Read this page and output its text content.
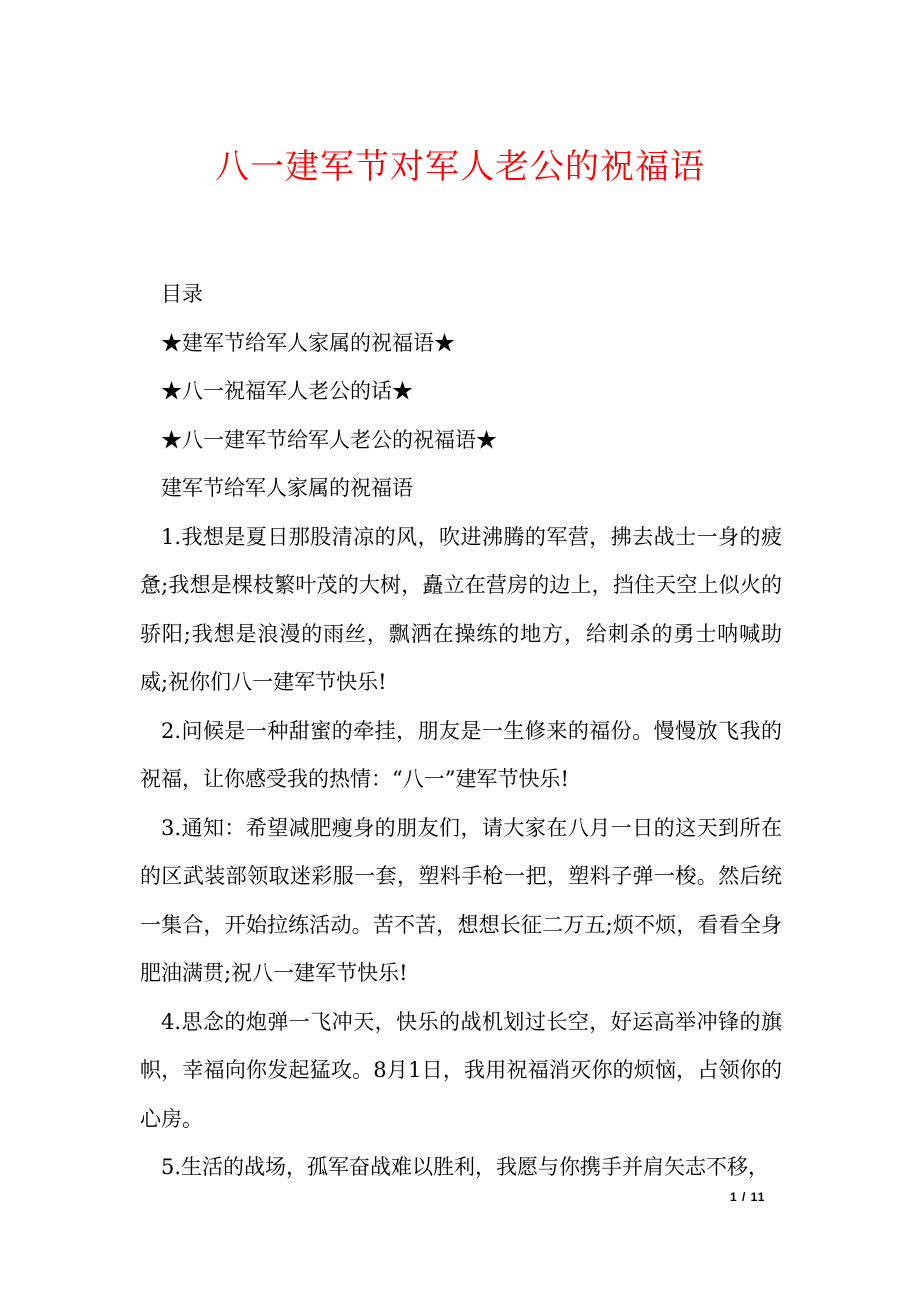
八一建军节对军人老公的祝福语

目录

★建军节给军人家属的祝福语★

★八一祝福军人老公的话★

★八一建军节给军人老公的祝福语★

建军节给军人家属的祝福语

1.我想是夏日那股清凉的风，吹进沸腾的军营，拂去战士一身的疲惫;我想是棵枝繁叶茂的大树，矗立在营房的边上，挡住天空上似火的骄阳;我想是浪漫的雨丝，飘洒在操练的地方，给刺杀的勇士呐喊助威;祝你们八一建军节快乐!

2.问候是一种甜蜜的牵挂，朋友是一生修来的福份。慢慢放飞我的祝福，让你感受我的热情：“八一”建军节快乐!

3.通知：希望减肥瘦身的朋友们，请大家在八月一日的这天到所在的区武装部领取迷彩服一套，塑料手枪一把，塑料子弹一梭。然后统一集合，开始拉练活动。苦不苦，想想长征二万五;烦不烦，看看全身肥油满贯;祝八一建军节快乐!

4.思念的炮弹一飞冲天，快乐的战机划过长空，好运高举冲锋的旗帜，幸福向你发起猛攻。8月1日，我用祝福消灭你的烦恼，占领你的心房。

5.生活的战场，孤军奋战难以胜利，我愿与你携手并肩矢志不移，

1 / 11
